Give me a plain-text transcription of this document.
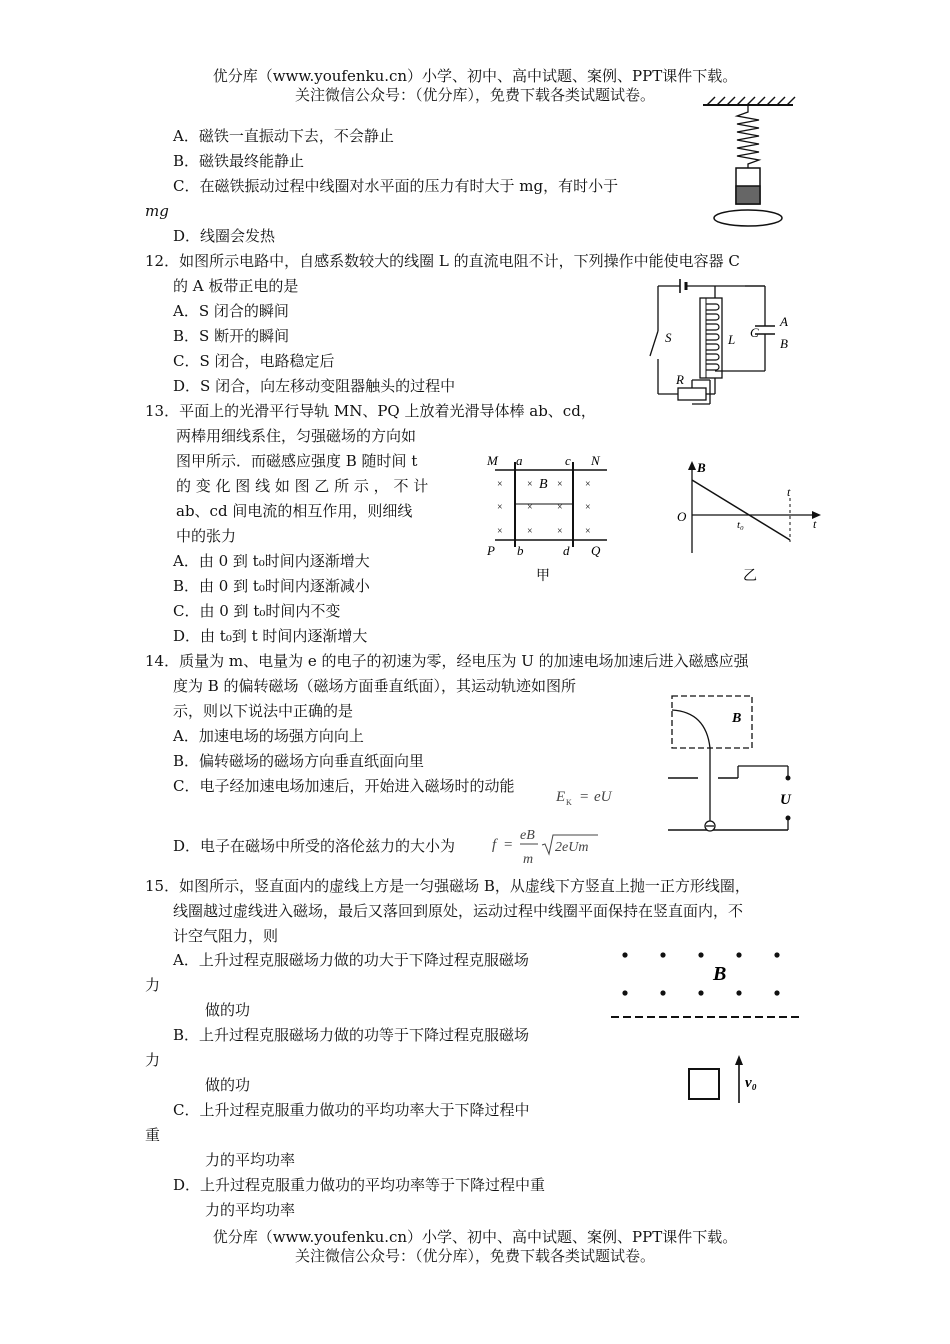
优分库（www.youfenku.cn）小学、初中、高中试题、案例、PPT课件下载。
关注微信公众号：（优分库），免费下载各类试题试卷。
A．磁铁一直振动下去，不会静止
B．磁铁最终能静止
C．在磁铁振动过程中线圈对水平面的压力有时大于 mg，有时小于
mg
D．线圈会发热
12．如图所示电路中，自感系数较大的线圈 L 的直流电阻不计，下列操作中能使电容器 C
的 A 板带正电的是
A．S 闭合的瞬间
B．S 断开的瞬间
C．S 闭合，电路稳定后
D．S 闭合，向左移动变阻器触头的过程中
S	L C
A
B
R
13．平面上的光滑平行导轨 MN、PQ 上放着光滑导体棒 ab、cd，
两棒用细线系住，匀强磁场的方向如
图甲所示．而磁感应强度 B 随时间 t
的 变 化 图 线 如 图 乙 所 示 ， 不 计
ab、cd 间电流的相互作用，则细线
中的张力
A．由 0 到 t₀时间内逐渐增大
B．由 0 到 t₀时间内逐渐减小
C．由 0 到 t₀时间内不变
D．由 t₀到 t 时间内逐渐增大
M a	c N
B
P b	d Q
× × × ×
× × × ×
× × × ×
甲
B
O
t₀
t
t
乙
14．质量为 m、电量为 e 的电子的初速为零，经电压为 U 的加速电场加速后进入磁感应强
度为 B 的偏转磁场（磁场方面垂直纸面），其运动轨迹如图所
示，则以下说法中正确的是
A．加速电场的场强方向向上
B．偏转磁场的磁场方向垂直纸面向里
C．电子经加速电场加速后，开始进入磁场时的动能
E K = eU
D．电子在磁场中所受的洛伦兹力的大小为 f =
eB
m
2eUm
B
U
15．如图所示，竖直面内的虚线上方是一匀强磁场 B，从虚线下方竖直上抛一正方形线圈，
线圈越过虚线进入磁场，最后又落回到原处，运动过程中线圈平面保持在竖直面内，不
计空气阻力，则
A．上升过程克服磁场力做的功大于下降过程克服磁场
力
做的功
B．上升过程克服磁场力做的功等于下降过程克服磁场
力
做的功
C．上升过程克服重力做功的平均功率大于下降过程中
重
力的平均功率
D．上升过程克服重力做功的平均功率等于下降过程中重
力的平均功率
B
v₀
优分库（www.youfenku.cn）小学、初中、高中试题、案例、PPT课件下载。
关注微信公众号：（优分库），免费下载各类试题试卷。
